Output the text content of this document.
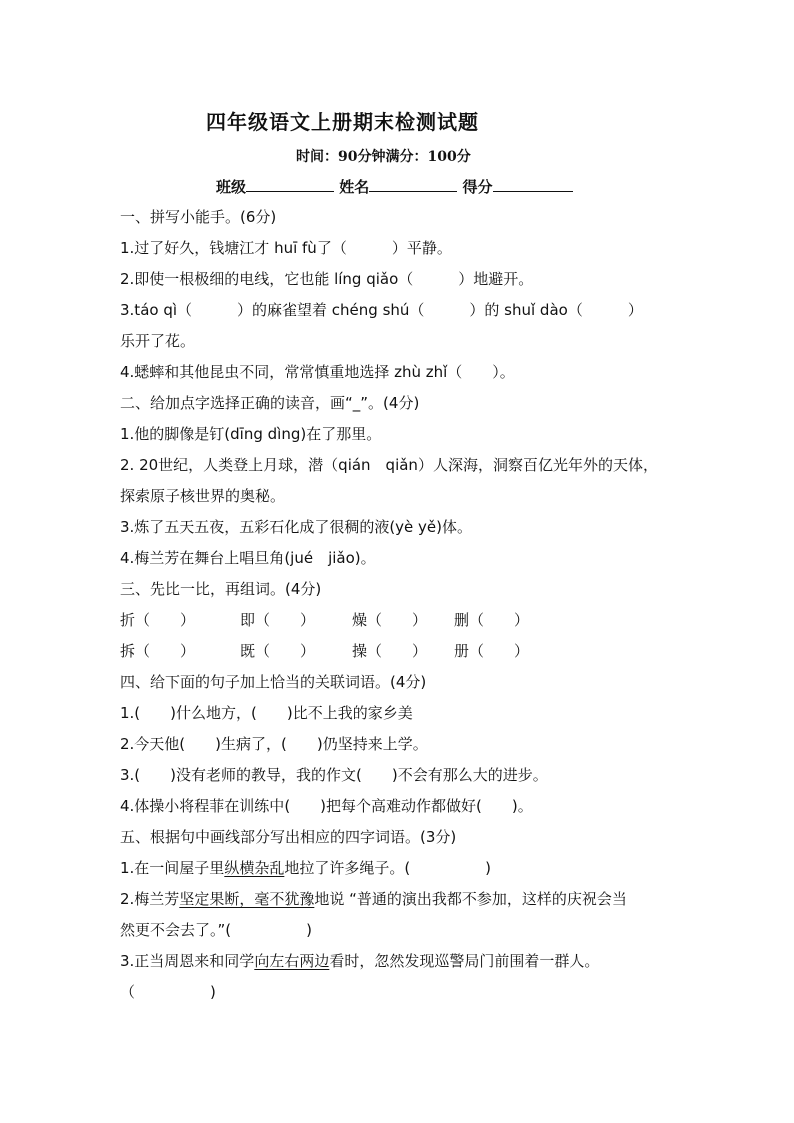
四年级语文上册期末检测试题
时间：90分钟满分：100分
班级	姓名	得分
一、拼写小能手。(6分)
1.过了好久，钱塘江才 huī fù了（　　　）平静。
2.即使一根极细的电线，它也能 líng qiǎo（　　　）地避开。
3.táo qì（　　　）的麻雀望着 chéng shú（　　　）的 shuǐ dào（　　　）
乐开了花。
4.蟋蟀和其他昆虫不同，常常慎重地选择 zhù zhǐ（　　）。
二、给加点字选择正确的读音，画“_”。(4分)
1.他的脚像是钉(dīng dìng)在了那里。
2. 20世纪，人类登上月球，潜（qián　qiǎn）人深海，洞察百亿光年外的天体，
探索原子核世界的奥秘。
3.炼了五天五夜，五彩石化成了很稠的液(yè yě)体。
4.梅兰芳在舞台上唱旦角(jué　jiǎo)。
三、先比一比，再组词。(4分)
折（　　）	即（　　） 燥（　　） 删（　　）
拆（　　）	既（　　） 操（　　） 册（　　）
四、给下面的句子加上恰当的关联词语。(4分)
1.(　　)什么地方，(　　)比不上我的家乡美
2.今天他(　　)生病了，(　　)仍坚持来上学。
3.(　　)没有老师的教导，我的作文(　　)不会有那么大的进步。
4.体操小将程菲在训练中(　　)把每个高难动作都做好(　　)。
五、根据句中画线部分写出相应的四字词语。(3分)
1.在一间屋子里纵横杂乱地拉了许多绳子。(　　　　　)
2.梅兰芳坚定果断，毫不犹豫地说 “普通的演出我都不参加，这样的庆祝会当
然更不会去了。”(　　　　　)
3.正当周恩来和同学向左右两边看时，忽然发现巡警局门前围着一群人。
（　　　　　)
